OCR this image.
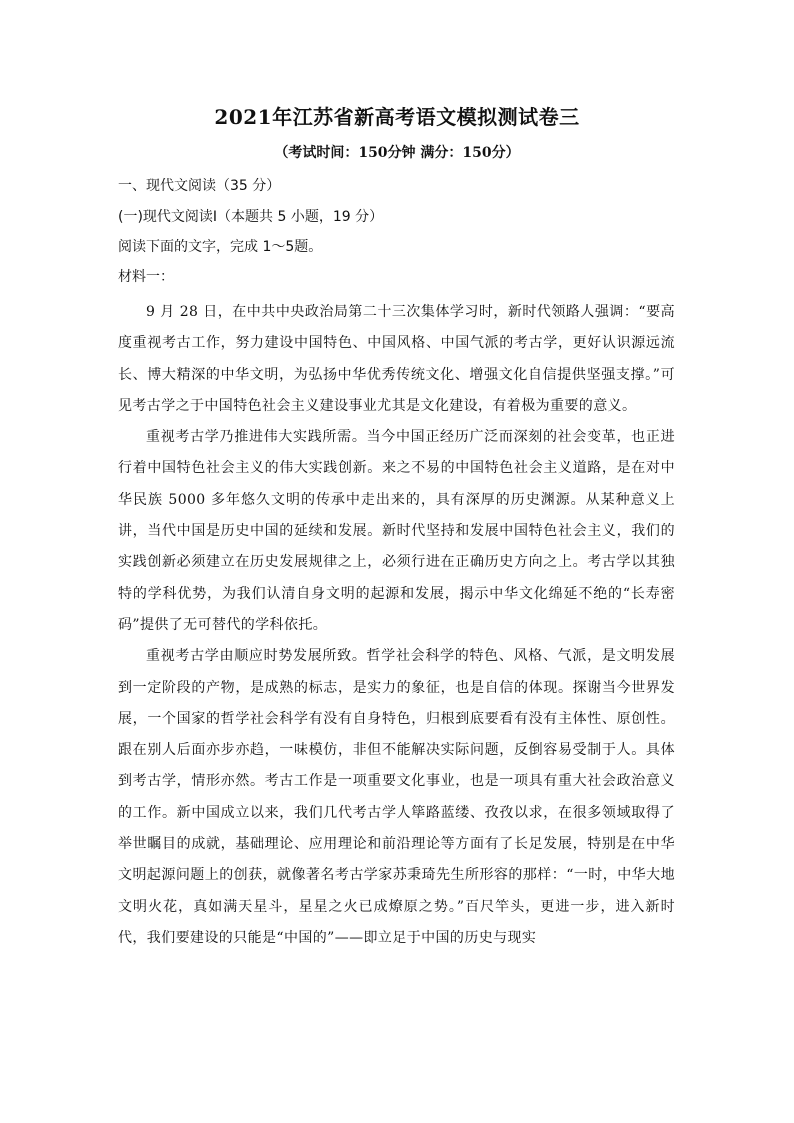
2021年江苏省新高考语文模拟测试卷三
（考试时间：150分钟 满分：150分）
一、现代文阅读（35 分）
(一)现代文阅读Ⅰ（本题共 5 小题，19 分）
阅读下面的文字，完成 1～5题。
材料一：

9 月 28 日，在中共中央政治局第二十三次集体学习时，新时代领路人强调：“要高度重视考古工作，努力建设中国特色、中国风格、中国气派的考古学，更好认识源远流长、博大精深的中华文明，为弘扬中华优秀传统文化、增强文化自信提供坚强支撑。”可见考古学之于中国特色社会主义建设事业尤其是文化建设，有着极为重要的意义。

重视考古学乃推进伟大实践所需。当今中国正经历广泛而深刻的社会变革，也正进行着中国特色社会主义的伟大实践创新。来之不易的中国特色社会主义道路，是在对中华民族 5000 多年悠久文明的传承中走出来的，具有深厚的历史渊源。从某种意义上讲，当代中国是历史中国的延续和发展。新时代坚持和发展中国特色社会主义，我们的实践创新必须建立在历史发展规律之上，必须行进在正确历史方向之上。考古学以其独特的学科优势，为我们认清自身文明的起源和发展，揭示中华文化绵延不绝的“长寿密码”提供了无可替代的学科依托。

重视考古学由顺应时势发展所致。哲学社会科学的特色、风格、气派，是文明发展到一定阶段的产物，是成熟的标志，是实力的象征，也是自信的体现。探谢当今世界发展，一个国家的哲学社会科学有没有自身特色，归根到底要看有没有主体性、原创性。跟在别人后面亦步亦趋，一味模仿，非但不能解决实际问题，反倒容易受制于人。具体到考古学，情形亦然。考古工作是一项重要文化事业，也是一项具有重大社会政治意义的工作。新中国成立以来，我们几代考古学人筚路蓝缕、孜孜以求，在很多领域取得了举世瞩目的成就，基础理论、应用理论和前沿理论等方面有了长足发展，特别是在中华文明起源问题上的创获，就像著名考古学家苏秉琦先生所形容的那样：“一时，中华大地文明火花，真如满天星斗，星星之火已成燎原之势。”百尺竿头，更进一步，进入新时代，我们要建设的只能是“中国的”——即立足于中国的历史与现实
